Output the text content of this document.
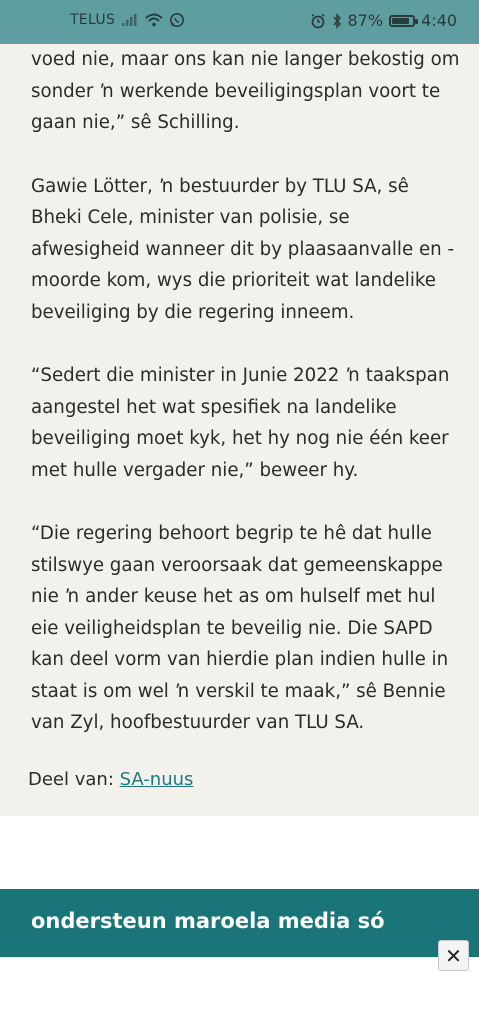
TELUS	87% 4:40

voed nie, maar ons kan nie langer bekostig om sonder ŉ werkende beveiligingsplan voort te gaan nie,” sê Schilling.

Gawie Lötter, ŉ bestuurder by TLU SA, sê Bheki Cele, minister van polisie, se afwesigheid wanneer dit by plaasaanvalle en -moorde kom, wys die prioriteit wat landelike beveiliging by die regering inneem.

“Sedert die minister in Junie 2022 ŉ taakspan aangestel het wat spesifiek na landelike beveiliging moet kyk, het hy nog nie één keer met hulle vergader nie,” beweer hy.

“Die regering behoort begrip te hê dat hulle stilswye gaan veroorsaak dat gemeenskappe nie ŉ ander keuse het as om hulself met hul eie veiligheidsplan te beveilig nie. Die SAPD kan deel vorm van hierdie plan indien hulle in staat is om wel ŉ verskil te maak,” sê Bennie van Zyl, hoofbestuurder van TLU SA.

Deel van: SA-nuus
ondersteun maroela media só
✕
